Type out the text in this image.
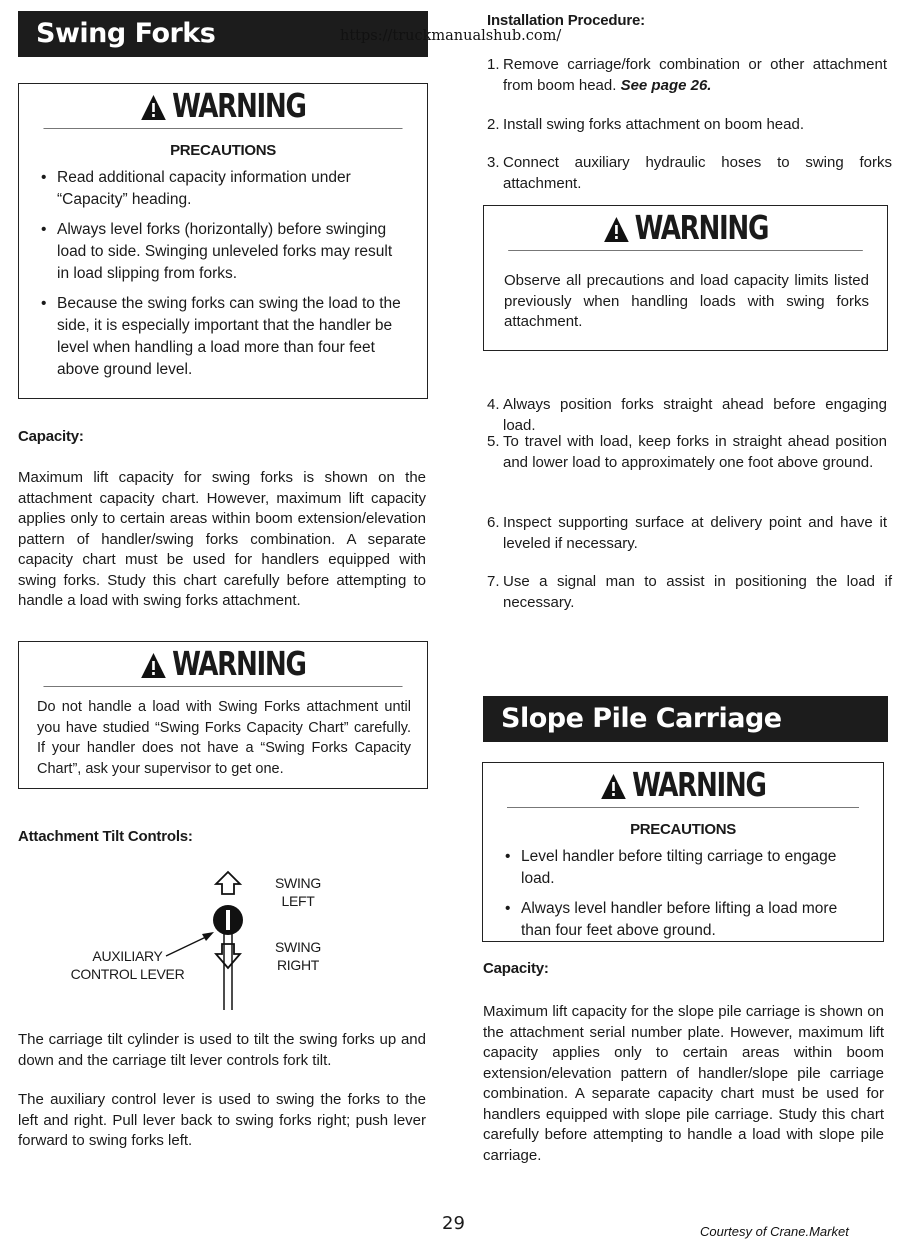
Swing Forks	https://truckmanualshub.com/
WARNING
PRECAUTIONS
• Read additional capacity information under “Capacity” heading.
• Always level forks (horizontally) before swinging load to side. Swinging unleveled forks may result in load slipping from forks.
• Because the swing forks can swing the load to the side, it is especially important that the handler be level when handling a load more than four feet above ground level.
Capacity:
Maximum lift capacity for swing forks is shown on the attachment capacity chart. However, maximum lift capacity applies only to certain areas within boom extension/elevation pattern of handler/swing forks combination. A separate capacity chart must be used for handlers equipped with swing forks. Study this chart carefully before attempting to handle a load with swing forks attachment.
WARNING
Do not handle a load with Swing Forks attachment until you have studied “Swing Forks Capacity Chart” carefully. If your handler does not have a “Swing Forks Capacity Chart”, ask your supervisor to get one.
Attachment Tilt Controls:
SWING
LEFT
SWING
RIGHT
AUXILIARY
CONTROL LEVER
The carriage tilt cylinder is used to tilt the swing forks up and down and the carriage tilt lever controls fork tilt.
The auxiliary control lever is used to swing the forks to the left and right. Pull lever back to swing forks right; push lever forward to swing forks left.
Installation Procedure:
1. Remove carriage/fork combination or other attachment from boom head. See page 26.
2. Install swing forks attachment on boom head.
3. Connect auxiliary hydraulic hoses to swing forks attachment.
WARNING
Observe all precautions and load capacity limits listed previously when handling loads with swing forks attachment.
4. Always position forks straight ahead before engaging load.
5. To travel with load, keep forks in straight ahead position and lower load to approximately one foot above ground.
6. Inspect supporting surface at delivery point and have it leveled if necessary.
7. Use a signal man to assist in positioning the load if necessary.
Slope Pile Carriage
WARNING
PRECAUTIONS
• Level handler before tilting carriage to engage load.
• Always level handler before lifting a load more than four feet above ground.
Capacity:
Maximum lift capacity for the slope pile carriage is shown on the attachment serial number plate. However, maximum lift capacity applies only to certain areas within boom extension/elevation pattern of handler/slope pile carriage combination. A separate capacity chart must be used for handlers equipped with slope pile carriage. Study this chart carefully before attempting to handle a load with slope pile carriage.
29	Courtesy of Crane.Market
